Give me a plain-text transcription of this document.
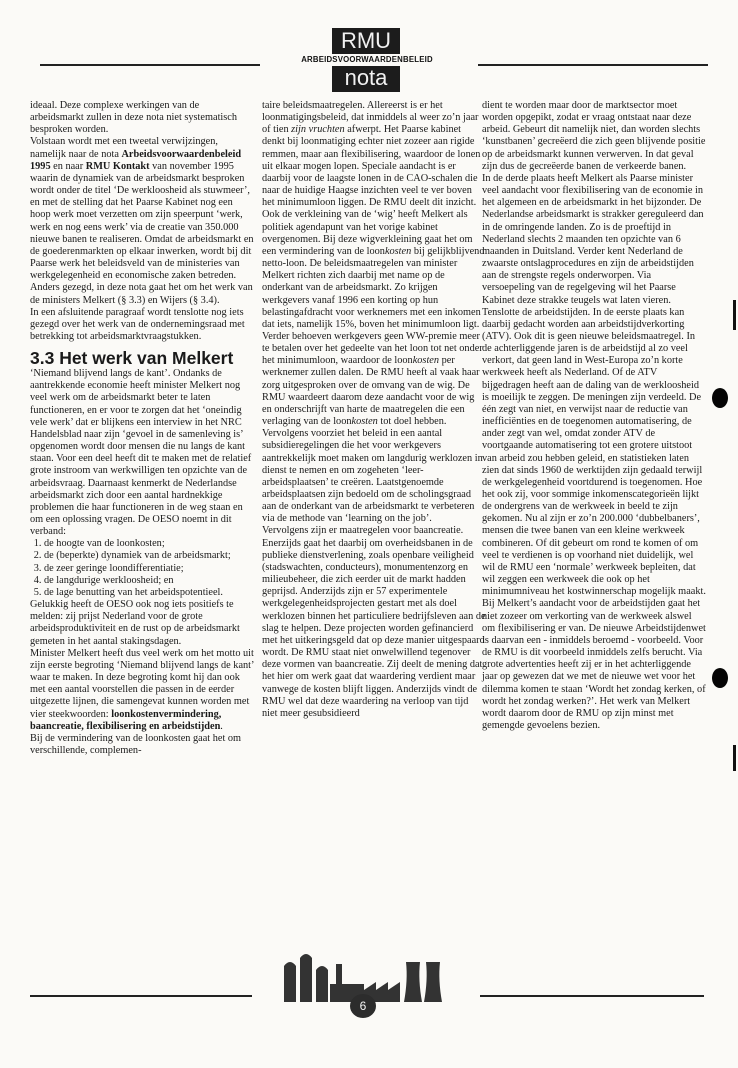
RMU
ARBEIDSVOORWAARDENBELEID
nota

ideaal. Deze complexe werkingen van de arbeidsmarkt zullen in deze nota niet systematisch besproken worden.

Volstaan wordt met een tweetal verwijzingen, namelijk naar de nota Arbeidsvoorwaardenbeleid 1995 en naar RMU Kontakt van november 1995 waarin de dynamiek van de arbeidsmarkt besproken wordt onder de titel ‘De werkloosheid als stuwmeer’, en met de stelling dat het Paarse Kabinet nog een hoop werk moet verzetten om zijn speerpunt ‘werk, werk en nog eens werk’ via de creatie van 350.000 nieuwe banen te realiseren. Omdat de arbeidsmarkt en de goederenmarkten op elkaar inwerken, wordt bij dit Paarse werk het beleidsveld van de ministeries van werkgelegenheid en economische zaken betreden. Anders gezegd, in deze nota gaat het om het werk van de ministers Melkert (§ 3.3) en Wijers (§ 3.4).

In een afsluitende paragraaf wordt tenslotte nog iets gezegd over het werk van de ondernemingsraad met betrekking tot arbeidsmarktvraagstukken.

3.3 Het werk van Melkert

‘Niemand blijvend langs de kant’. Ondanks de aantrekkende economie heeft minister Melkert nog veel werk om de arbeidsmarkt beter te laten functioneren, en er voor te zorgen dat het ‘oneindig vele werk’ dat er blijkens een interview in het NRC Handelsblad naar zijn ‘gevoel in de samenleving is’ opgenomen wordt door mensen die nu langs de kant staan. Voor een deel heeft dit te maken met de relatief grote instroom van werkwilligen ten opzichte van de arbeidsvraag. Daarnaast kenmerkt de Nederlandse arbeidsmarkt zich door een aantal hardnekkige problemen die haar functioneren in de weg staan en om een oplossing vragen. De OESO noemt in dit verband:

1. de hoogte van de loonkosten;
2. de (beperkte) dynamiek van de arbeidsmarkt;
3. de zeer geringe loondifferentiatie;
4. de langdurige werkloosheid; en
5. de lage benutting van het arbeidspotentieel.

Gelukkig heeft de OESO ook nog iets positiefs te melden: zij prijst Nederland voor de grote arbeidsproduktiviteit en de rust op de arbeidsmarkt gemeten in het aantal stakingsdagen.

Minister Melkert heeft dus veel werk om het motto uit zijn eerste begroting ‘Niemand blijvend langs de kant’ waar te maken. In deze begroting komt hij dan ook met een aantal voorstellen die passen in de eerder uitgezette lijnen, die samengevat kunnen worden met vier steekwoorden: loonkostenvermindering, baancreatie, flexibilisering en arbeidstijden.

Bij de vermindering van de loonkosten gaat het om verschillende, complemen-

taire beleidsmaatregelen. Allereerst is er het loonmatigingsbeleid, dat inmiddels al weer zo’n jaar of tien zijn vruchten afwerpt. Het Paarse kabinet denkt bij loonmatiging echter niet zozeer aan rigide remmen, maar aan flexibilisering, waardoor de lonen uit elkaar mogen lopen. Speciale aandacht is er daarbij voor de laagste lonen in de CAO-schalen die naar de huidige Haagse inzichten veel te ver boven het minimumloon liggen. De RMU deelt dit inzicht. Ook de verkleining van de ‘wig’ heeft Melkert als politiek agendapunt van het vorige kabinet overgenomen. Bij deze wigverkleining gaat het om een vermindering van de loonkosten bij gelijkblijvend netto-loon. De beleidsmaatregelen van minister Melkert richten zich daarbij met name op de onderkant van de arbeidsmarkt. Zo krijgen werkgevers vanaf 1996 een korting op hun belastingafdracht voor werknemers met een inkomen dat iets, namelijk 15%, boven het minimumloon ligt. Verder behoeven werkgevers geen WW-premie meer te betalen over het gedeelte van het loon tot net onder het minimumloon, waardoor de loonkosten per werknemer zullen dalen. De RMU heeft al vaak haar zorg uitgesproken over de omvang van de wig. De RMU waardeert daarom deze aandacht voor de wig en onderschrijft van harte de maatregelen die een verlaging van de loonkosten tot doel hebben. Vervolgens voorziet het beleid in een aantal subsidieregelingen die het voor werkgevers aantrekkelijk moet maken om langdurig werklozen in dienst te nemen en om zogeheten ‘leer-arbeidsplaatsen’ te creëren. Laatstgenoemde arbeidsplaatsen zijn bedoeld om de scholingsgraad aan de onderkant van de arbeidsmarkt te verbeteren via de methode van ‘learning on the job’.

Vervolgens zijn er maatregelen voor baancreatie. Enerzijds gaat het daarbij om overheidsbanen in de publieke dienstverlening, zoals openbare veiligheid (stadswachten, conducteurs), monumentenzorg en milieubeheer, die zich eerder uit de markt hadden geprijsd. Anderzijds zijn er 57 experimentele werkgelegenheidsprojecten gestart met als doel werklozen binnen het particuliere bedrijfsleven aan de slag te helpen. Deze projecten worden gefinancierd met het uitkeringsgeld dat op deze manier uitgespaard wordt. De RMU staat niet onwelwillend tegenover deze vormen van baancreatie. Zij deelt de mening dat het hier om werk gaat dat waardering verdient maar vanwege de kosten blijft liggen. Anderzijds vindt de RMU wel dat deze waardering na verloop van tijd niet meer gesubsidieerd

dient te worden maar door de marktsector moet worden opgepikt, zodat er vraag ontstaat naar deze arbeid. Gebeurt dit namelijk niet, dan worden slechts ‘kunstbanen’ gecreëerd die zich geen blijvende positie op de arbeidsmarkt kunnen verwerven. In dat geval zijn dus de gecreëerde banen de verkeerde banen.

In de derde plaats heeft Melkert als Paarse minister veel aandacht voor flexibilisering van de economie in het algemeen en de arbeidsmarkt in het bijzonder. De Nederlandse arbeidsmarkt is strakker gereguleerd dan in de omringende landen. Zo is de proeftijd in Nederland slechts 2 maanden ten opzichte van 6 maanden in Duitsland. Verder kent Nederland de zwaarste ontslagprocedures en zijn de arbeidstijden aan de strengste regels onderworpen. Via versoepeling van de regelgeving wil het Paarse Kabinet deze strakke teugels wat laten vieren.

Tenslotte de arbeidstijden. In de eerste plaats kan daarbij gedacht worden aan arbeidstijdverkorting (ATV). Ook dit is geen nieuwe beleidsmaatregel. In de achterliggende jaren is de arbeidstijd al zo veel verkort, dat geen land in West-Europa zo’n korte werkweek heeft als Nederland. Of de ATV bijgedragen heeft aan de daling van de werkloosheid is moeilijk te zeggen. De meningen zijn verdeeld. De één zegt van niet, en verwijst naar de reductie van inefficiënties en de toegenomen automatisering, de ander zegt van wel, omdat zonder ATV de voortgaande automatisering tot een grotere uitstoot van arbeid zou hebben geleid, en statistieken laten zien dat sinds 1960 de werktijden zijn gedaald terwijl de werkgelegenheid voortdurend is toegenomen. Hoe het ook zij, voor sommige inkomenscategorieën lijkt de ondergrens van de werkweek in beeld te zijn gekomen. Nu al zijn er zo’n 200.000 ‘dubbelbaners’, mensen die twee banen van een kleine werkweek combineren. Of dit gebeurt om rond te komen of om veel te verdienen is op voorhand niet duidelijk, wel wil de RMU een ‘normale’ werkweek bepleiten, dat wil zeggen een werkweek die ook op het minimumniveau het kostwinnerschap mogelijk maakt.

Bij Melkert’s aandacht voor de arbeidstijden gaat het niet zozeer om verkorting van de werkweek alswel om flexibilisering er van. De nieuwe Arbeidstijdenwet is daarvan een - inmiddels beroemd - voorbeeld. Voor de RMU is dit voorbeeld inmiddels zelfs berucht. Via grote advertenties heeft zij er in het achterliggende jaar op gewezen dat we met de nieuwe wet voor het dilemma komen te staan ‘Wordt het zondag kerken, of wordt het zondag werken?’. Het werk van Melkert wordt daarom door de RMU op zijn minst met gemengde gevoelens bezien.

6
